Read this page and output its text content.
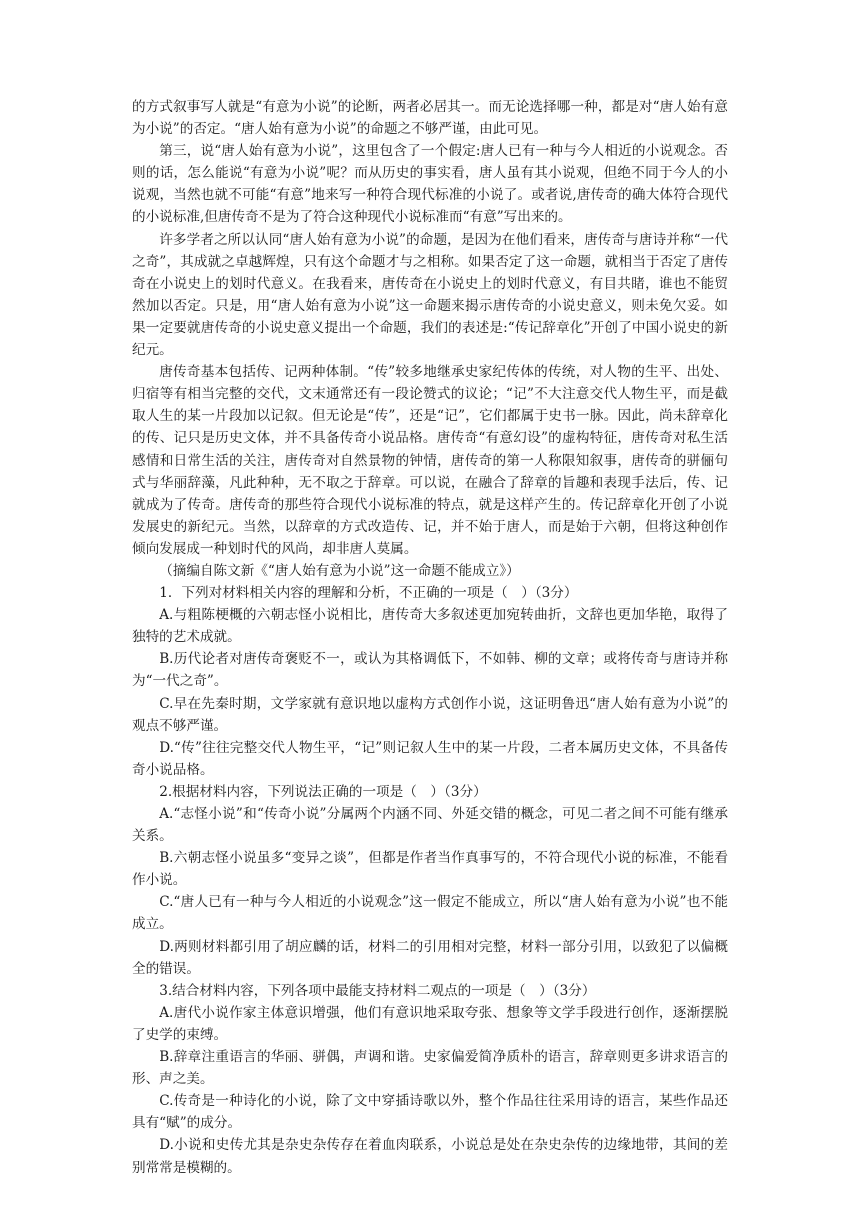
的方式叙事写人就是“有意为小说”的论断，两者必居其一。而无论选择哪一种，都是对“唐人始有意为小说”的否定。“唐人始有意为小说”的命题之不够严谨，由此可见。

第三，说“唐人始有意为小说”，这里包含了一个假定:唐人已有一种与今人相近的小说观念。否则的话，怎么能说“有意为小说”呢？而从历史的事实看，唐人虽有其小说观，但绝不同于今人的小说观，当然也就不可能“有意”地来写一种符合现代标准的小说了。或者说,唐传奇的确大体符合现代的小说标准,但唐传奇不是为了符合这种现代小说标准而“有意”写出来的。

许多学者之所以认同“唐人始有意为小说”的命题，是因为在他们看来，唐传奇与唐诗并称“一代之奇”，其成就之卓越辉煌，只有这个命题才与之相称。如果否定了这一命题，就相当于否定了唐传奇在小说史上的划时代意义。在我看来，唐传奇在小说史上的划时代意义，有目共睹，谁也不能贸然加以否定。只是，用“唐人始有意为小说”这一命题来揭示唐传奇的小说史意义，则未免欠妥。如果一定要就唐传奇的小说史意义提出一个命题，我们的表述是:“传记辞章化”开创了中国小说史的新纪元。

唐传奇基本包括传、记两种体制。“传”较多地继承史家纪传体的传统，对人物的生平、出处、归宿等有相当完整的交代，文末通常还有一段论赞式的议论；“记”不大注意交代人物生平，而是截取人生的某一片段加以记叙。但无论是“传”，还是“记”，它们都属于史书一脉。因此，尚未辞章化的传、记只是历史文体，并不具备传奇小说品格。唐传奇“有意幻设”的虚构特征，唐传奇对私生活感情和日常生活的关注，唐传奇对自然景物的钟情，唐传奇的第一人称限知叙事，唐传奇的骈俪句式与华丽辞藻，凡此种种，无不取之于辞章。可以说，在融合了辞章的旨趣和表现手法后，传、记就成为了传奇。唐传奇的那些符合现代小说标准的特点，就是这样产生的。传记辞章化开创了小说发展史的新纪元。当然，以辞章的方式改造传、记，并不始于唐人，而是始于六朝，但将这种创作倾向发展成一种划时代的风尚，却非唐人莫属。

（摘编自陈文新《“唐人始有意为小说”这一命题不能成立》）

1．下列对材料相关内容的理解和分析，不正确的一项是（　）（3分）

A.与粗陈梗概的六朝志怪小说相比，唐传奇大多叙述更加宛转曲折，文辞也更加华艳，取得了独特的艺术成就。

B.历代论者对唐传奇褒贬不一，或认为其格调低下，不如韩、柳的文章；或将传奇与唐诗并称为“一代之奇”。

C.早在先秦时期，文学家就有意识地以虚构方式创作小说，这证明鲁迅“唐人始有意为小说”的观点不够严谨。

D.“传”往往完整交代人物生平，“记”则记叙人生中的某一片段，二者本属历史文体，不具备传奇小说品格。

2.根据材料内容，下列说法正确的一项是（　）（3分）

A.“志怪小说”和“传奇小说”分属两个内涵不同、外延交错的概念，可见二者之间不可能有继承关系。

B.六朝志怪小说虽多“变异之谈”，但都是作者当作真事写的，不符合现代小说的标准，不能看作小说。

C.“唐人已有一种与今人相近的小说观念”这一假定不能成立，所以“唐人始有意为小说”也不能成立。

D.两则材料都引用了胡应麟的话，材料二的引用相对完整，材料一部分引用，以致犯了以偏概全的错误。

3.结合材料内容，下列各项中最能支持材料二观点的一项是（　）（3分）

A.唐代小说作家主体意识增强，他们有意识地采取夸张、想象等文学手段进行创作，逐渐摆脱了史学的束缚。

B.辞章注重语言的华丽、骈偶，声调和谐。史家偏爱简净质朴的语言，辞章则更多讲求语言的形、声之美。

C.传奇是一种诗化的小说，除了文中穿插诗歌以外，整个作品往往采用诗的语言，某些作品还具有“赋”的成分。

D.小说和史传尤其是杂史杂传存在着血肉联系，小说总是处在杂史杂传的边缘地带，其间的差别常常是模糊的。
